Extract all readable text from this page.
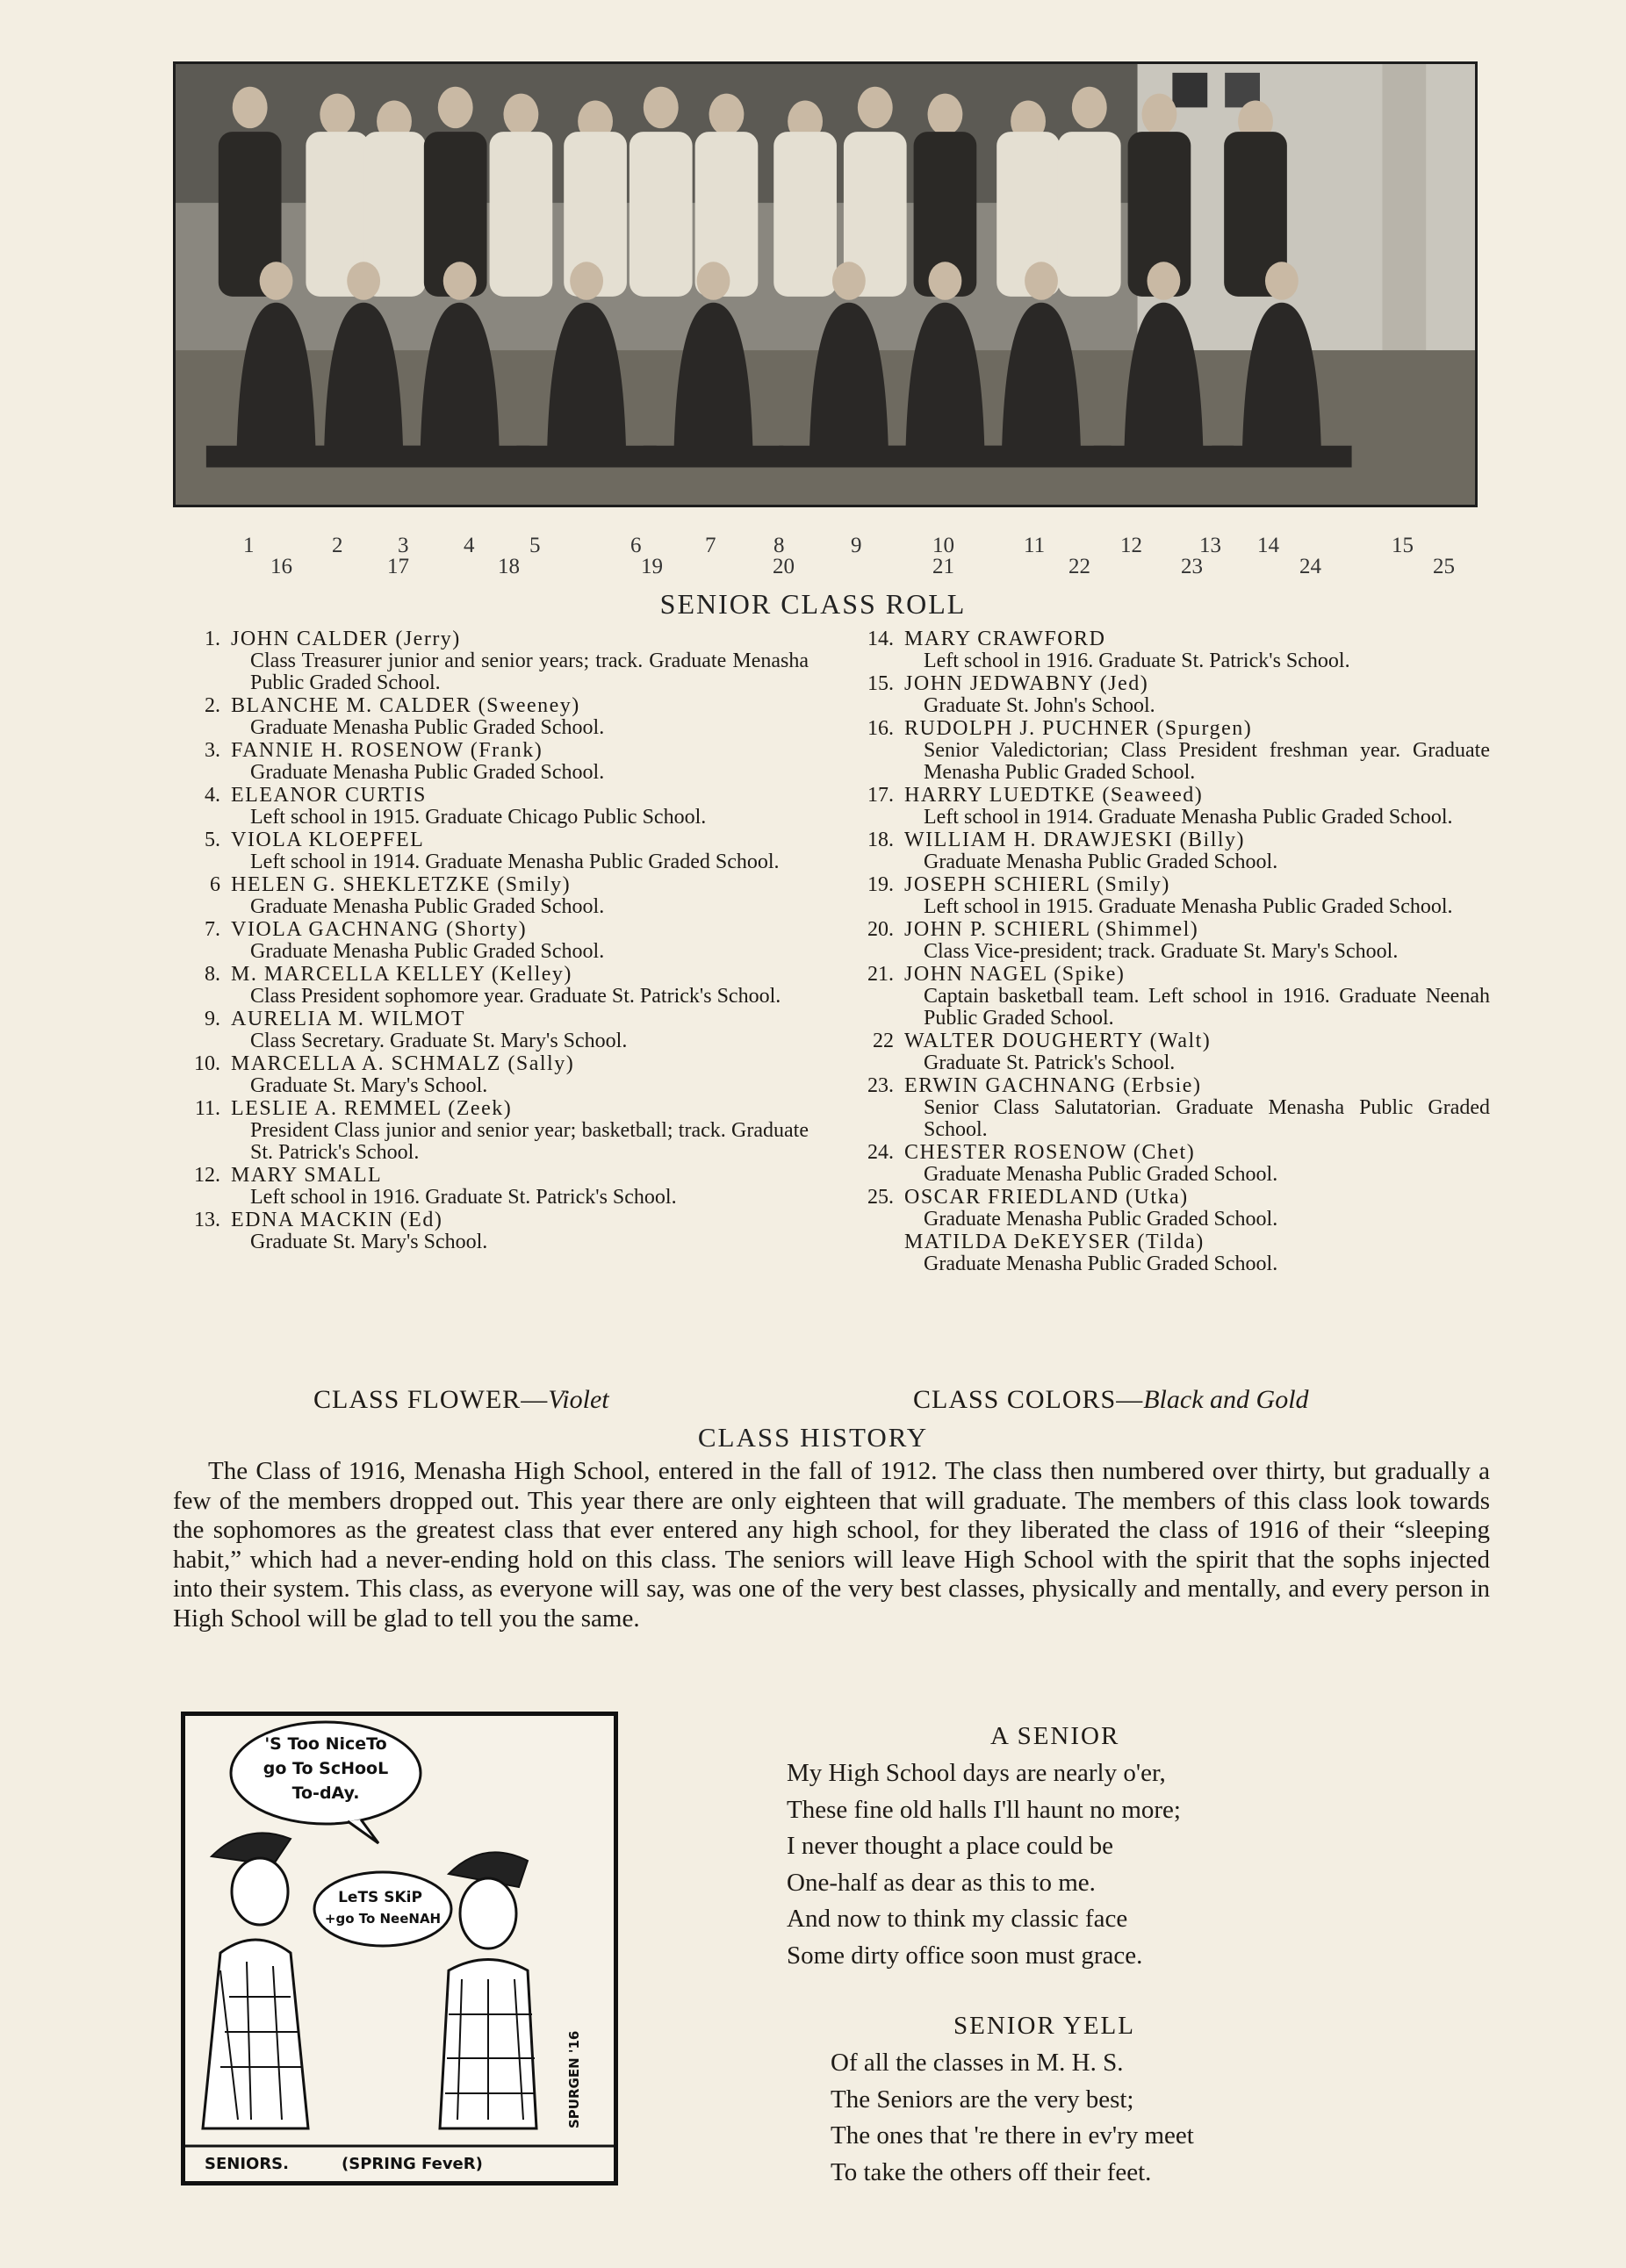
1	2	3	4	5	6	7	8	9	10	11	12	13 14	15
16	17	18	19	20	21	22	23	24	25
SENIOR CLASS ROLL
1. JOHN CALDER (Jerry)
Class Treasurer junior and senior years; track. Graduate Menasha Public Graded School.
2. BLANCHE M. CALDER (Sweeney)
Graduate Menasha Public Graded School.
3. FANNIE H. ROSENOW (Frank)
Graduate Menasha Public Graded School.
4. ELEANOR CURTIS
Left school in 1915. Graduate Chicago Public School.
5. VIOLA KLOEPFEL
Left school in 1914. Graduate Menasha Public Graded School.
6 HELEN G. SHEKLETZKE (Smily)
Graduate Menasha Public Graded School.
7. VIOLA GACHNANG (Shorty)
Graduate Menasha Public Graded School.
8. M. MARCELLA KELLEY (Kelley)
Class President sophomore year. Graduate St. Patrick's School.
9. AURELIA M. WILMOT
Class Secretary. Graduate St. Mary's School.
10. MARCELLA A. SCHMALZ (Sally)
Graduate St. Mary's School.
11. LESLIE A. REMMEL (Zeek)
President Class junior and senior year; basketball; track. Graduate St. Patrick's School.
12. MARY SMALL
Left school in 1916. Graduate St. Patrick's School.
13. EDNA MACKIN (Ed)
Graduate St. Mary's School.
14. MARY CRAWFORD
Left school in 1916. Graduate St. Patrick's School.
15. JOHN JEDWABNY (Jed)
Graduate St. John's School.
16. RUDOLPH J. PUCHNER (Spurgen)
Senior Valedictorian; Class President freshman year. Graduate Menasha Public Graded School.
17. HARRY LUEDTKE (Seaweed)
Left school in 1914. Graduate Menasha Public Graded School.
18. WILLIAM H. DRAWJESKI (Billy)
Graduate Menasha Public Graded School.
19. JOSEPH SCHIERL (Smily)
Left school in 1915. Graduate Menasha Public Graded School.
20. JOHN P. SCHIERL (Shimmel)
Class Vice-president; track. Graduate St. Mary's School.
21. JOHN NAGEL (Spike)
Captain basketball team. Left school in 1916. Graduate Neenah Public Graded School.
22 WALTER DOUGHERTY (Walt)
Graduate St. Patrick's School.
23. ERWIN GACHNANG (Erbsie)
Senior Class Salutatorian. Graduate Menasha Public Graded School.
24. CHESTER ROSENOW (Chet)
Graduate Menasha Public Graded School.
25. OSCAR FRIEDLAND (Utka)
Graduate Menasha Public Graded School.
MATILDA DeKEYSER (Tilda)
Graduate Menasha Public Graded School.
CLASS FLOWER—Violet	CLASS COLORS—Black and Gold
CLASS HISTORY
The Class of 1916, Menasha High School, entered in the fall of 1912. The class then numbered over thirty, but gradually a few of the members dropped out. This year there are only eighteen that will graduate. The members of this class look towards the sophomores as the greatest class that ever entered any high school, for they liberated the class of 1916 of their “sleeping habit,” which had a never-ending hold on this class. The seniors will leave High School with the spirit that the sophs injected into their system. This class, as everyone will say, was one of the very best classes, physically and mentally, and every person in High School will be glad to tell you the same.
'S Too NiceTo
go To ScHooL
To-dAy.
LeTS SKiP
+go To NeeNAH
SPURGEN '16
SENIORS.	(SPRING FeveR)
A SENIOR
My High School days are nearly o'er,
These fine old halls I'll haunt no more;
I never thought a place could be
One-half as dear as this to me.
And now to think my classic face
Some dirty office soon must grace.
SENIOR YELL
Of all the classes in M. H. S.
The Seniors are the very best;
The ones that 're there in ev'ry meet
To take the others off their feet.
